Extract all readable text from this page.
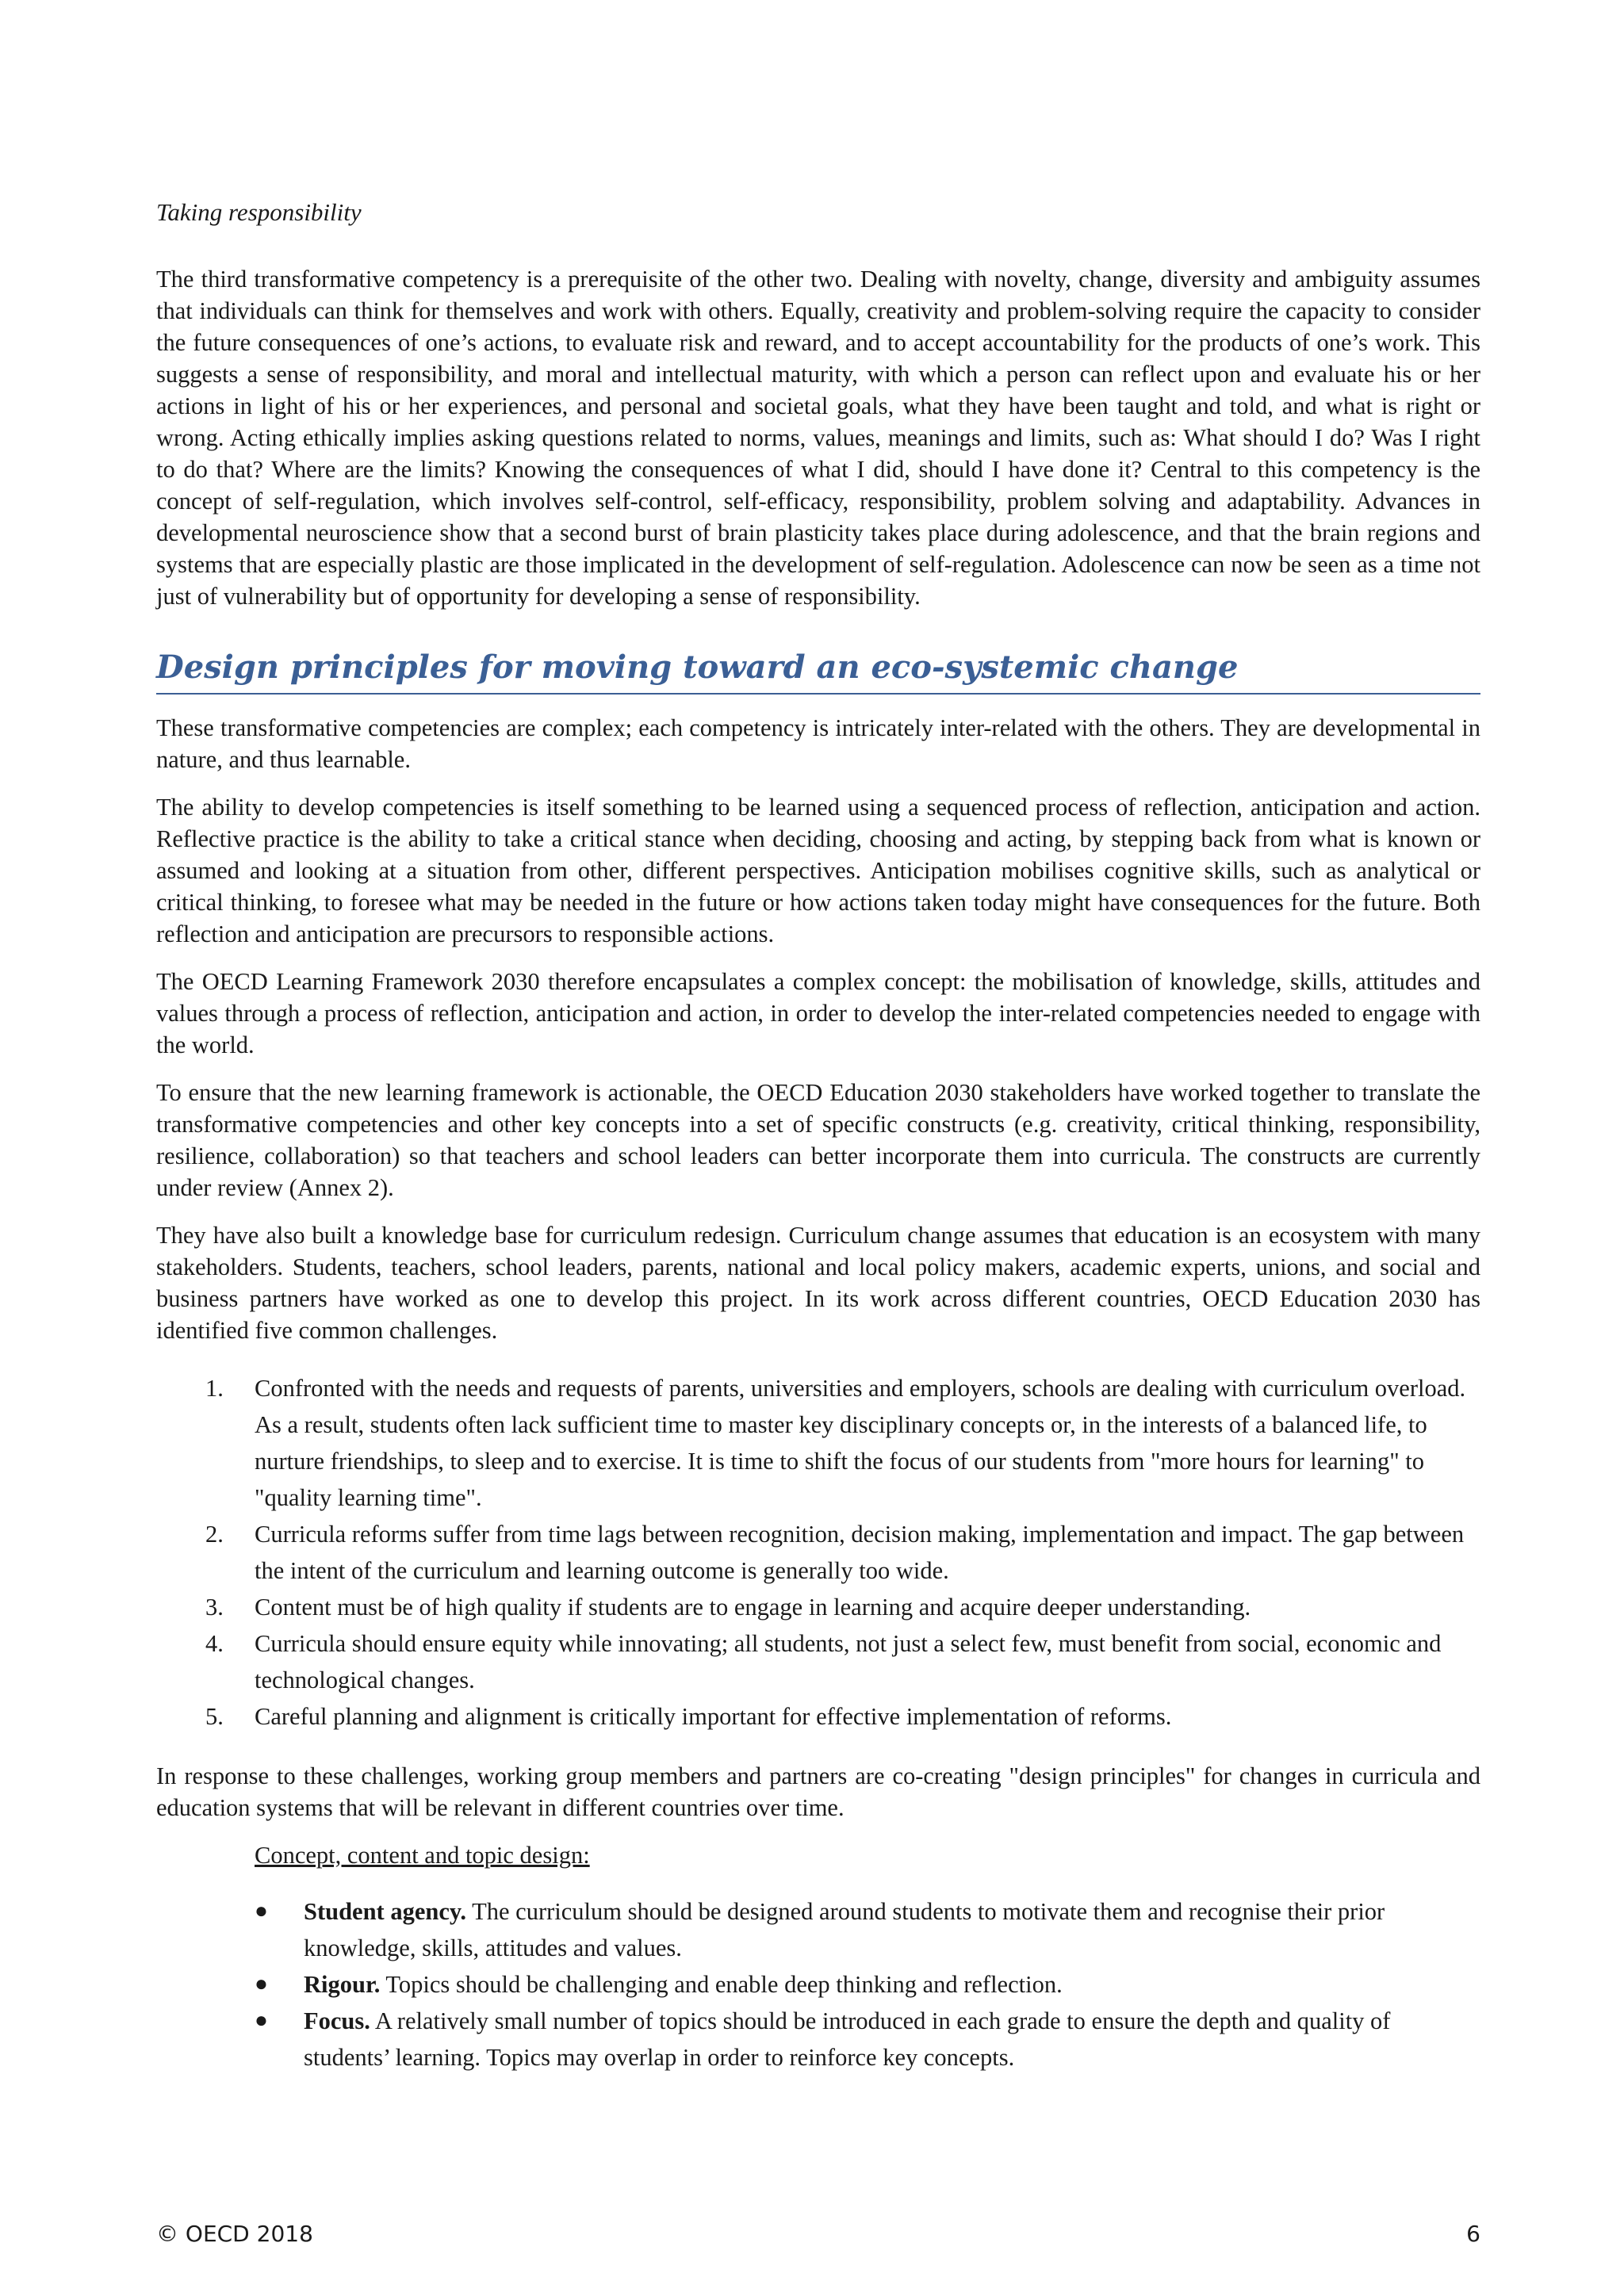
Taking responsibility

The third transformative competency is a prerequisite of the other two. Dealing with novelty, change, diversity and ambiguity assumes that individuals can think for themselves and work with others. Equally, creativity and problem-solving require the capacity to consider the future consequences of one’s actions, to evaluate risk and reward, and to accept accountability for the products of one’s work. This suggests a sense of responsibility, and moral and intellectual maturity, with which a person can reflect upon and evaluate his or her actions in light of his or her experiences, and personal and societal goals, what they have been taught and told, and what is right or wrong. Acting ethically implies asking questions related to norms, values, meanings and limits, such as: What should I do? Was I right to do that? Where are the limits? Knowing the consequences of what I did, should I have done it? Central to this competency is the concept of self-regulation, which involves self-control, self-efficacy, responsibility, problem solving and adaptability. Advances in developmental neuroscience show that a second burst of brain plasticity takes place during adolescence, and that the brain regions and systems that are especially plastic are those implicated in the development of self-regulation. Adolescence can now be seen as a time not just of vulnerability but of opportunity for developing a sense of responsibility.

Design principles for moving toward an eco-systemic change

These transformative competencies are complex; each competency is intricately inter-related with the others. They are developmental in nature, and thus learnable.

The ability to develop competencies is itself something to be learned using a sequenced process of reflection, anticipation and action. Reflective practice is the ability to take a critical stance when deciding, choosing and acting, by stepping back from what is known or assumed and looking at a situation from other, different perspectives. Anticipation mobilises cognitive skills, such as analytical or critical thinking, to foresee what may be needed in the future or how actions taken today might have consequences for the future. Both reflection and anticipation are precursors to responsible actions.

The OECD Learning Framework 2030 therefore encapsulates a complex concept: the mobilisation of knowledge, skills, attitudes and values through a process of reflection, anticipation and action, in order to develop the inter-related competencies needed to engage with the world.

To ensure that the new learning framework is actionable, the OECD Education 2030 stakeholders have worked together to translate the transformative competencies and other key concepts into a set of specific constructs (e.g. creativity, critical thinking, responsibility, resilience, collaboration) so that teachers and school leaders can better incorporate them into curricula. The constructs are currently under review (Annex 2).

They have also built a knowledge base for curriculum redesign. Curriculum change assumes that education is an ecosystem with many stakeholders. Students, teachers, school leaders, parents, national and local policy makers, academic experts, unions, and social and business partners have worked as one to develop this project. In its work across different countries, OECD Education 2030 has identified five common challenges.

1. Confronted with the needs and requests of parents, universities and employers, schools are dealing with curriculum overload. As a result, students often lack sufficient time to master key disciplinary concepts or, in the interests of a balanced life, to nurture friendships, to sleep and to exercise. It is time to shift the focus of our students from "more hours for learning" to "quality learning time".
2. Curricula reforms suffer from time lags between recognition, decision making, implementation and impact. The gap between the intent of the curriculum and learning outcome is generally too wide.
3. Content must be of high quality if students are to engage in learning and acquire deeper understanding.
4. Curricula should ensure equity while innovating; all students, not just a select few, must benefit from social, economic and technological changes.
5. Careful planning and alignment is critically important for effective implementation of reforms.

In response to these challenges, working group members and partners are co-creating "design principles" for changes in curricula and education systems that will be relevant in different countries over time.

Concept, content and topic design:
● Student agency. The curriculum should be designed around students to motivate them and recognise their prior knowledge, skills, attitudes and values.
● Rigour. Topics should be challenging and enable deep thinking and reflection.
● Focus. A relatively small number of topics should be introduced in each grade to ensure the depth and quality of students’ learning. Topics may overlap in order to reinforce key concepts.
© OECD 2018	6
